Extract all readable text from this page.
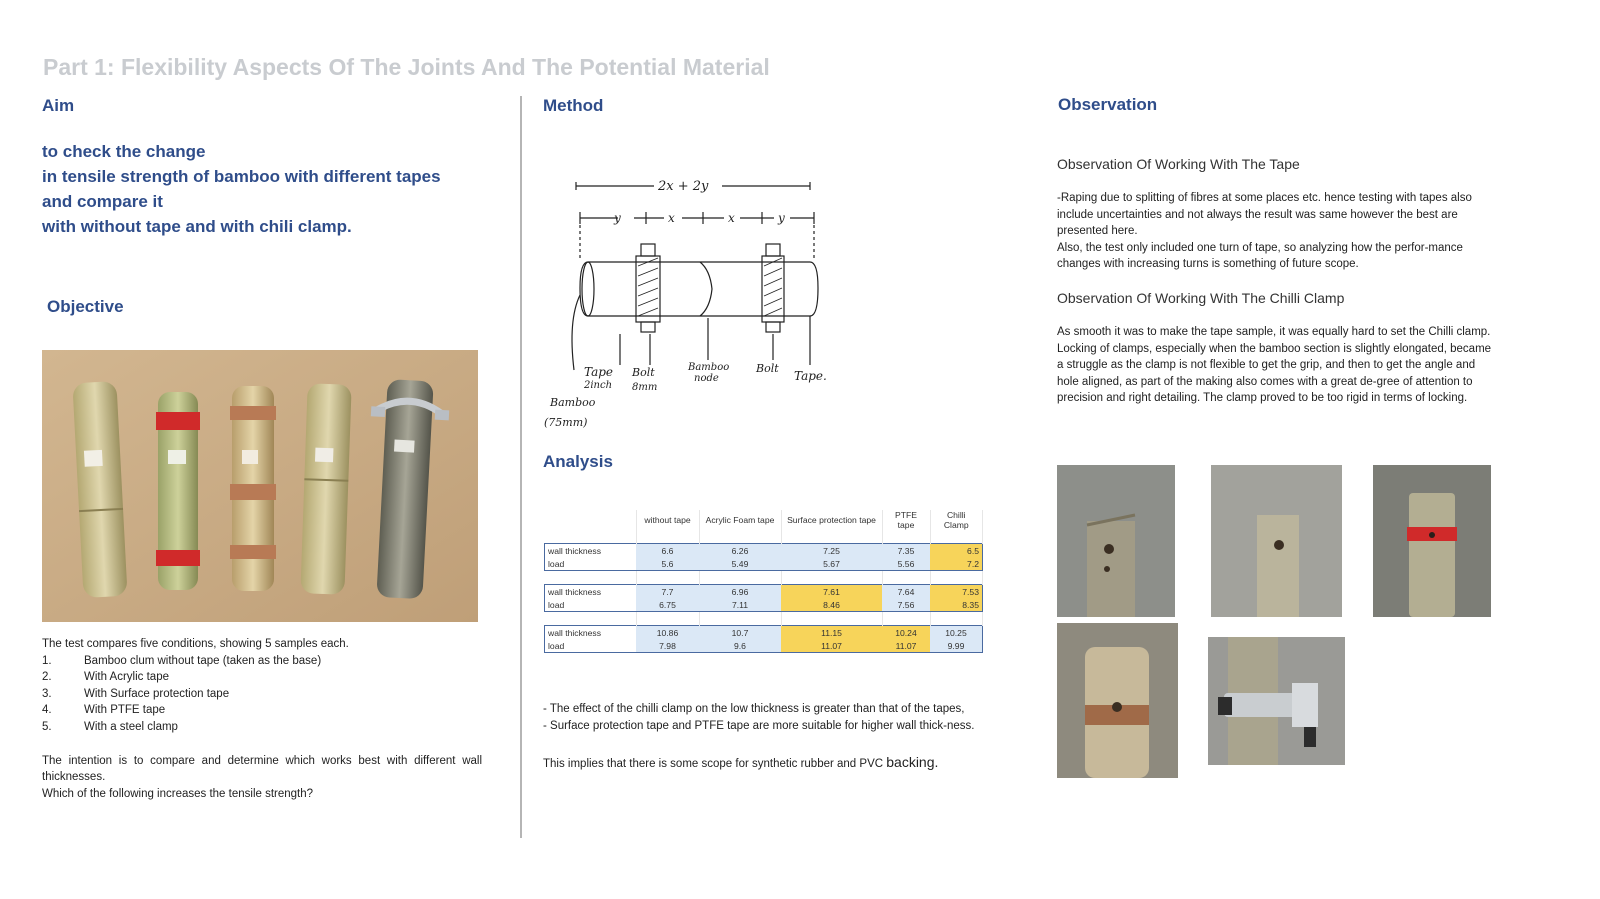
Part 1: Flexibility Aspects Of The Joints And The Potential Material
Aim
to check the change
in tensile strength of bamboo with different tapes
and compare it
with without tape and with chili clamp.
Objective
The test compares five conditions, showing 5 samples each.
1.	Bamboo clum without tape (taken as the base)
2.	With Acrylic tape
3.	With Surface protection tape
4.	With PTFE tape
5.	With a steel clamp
The intention is to compare and determine which works best with different wall thicknesses.
Which of the following increases the tensile strength?
Method
2x + 2y
y	x	x	y
Tape
2inch
Bolt
8mm
Bamboo
node
Bolt
Tape.
Bamboo
(75mm)
Analysis
	without tape	Acrylic Foam tape	Surface protection tape	PTFE tape	Chilli Clamp

wall thickness	6.6	6.26	7.25	7.35	6.5
load	5.6	5.49	5.67	5.56	7.2

wall thickness	7.7	6.96	7.61	7.64	7.53
load	6.75	7.11	8.46	7.56	8.35

wall thickness	10.86	10.7	11.15	10.24	10.25
load	7.98	9.6	11.07	11.07	9.99
- The effect of the chilli clamp on the low thickness is greater than that of the tapes,
- Surface protection tape and PTFE tape are more suitable for higher wall thick-ness.
This implies that there is some scope for synthetic rubber and PVC backing.
Observation
Observation Of Working With The Tape
-Raping due to splitting of fibres at some places etc. hence testing with tapes also include uncertainties and not always the result was same however the best are presented here.
Also, the test only included one turn of tape, so analyzing how the perfor-mance changes with increasing turns is something of future scope.
Observation Of Working With The Chilli Clamp
As smooth it was to make the tape sample, it was equally hard to set the Chilli clamp.
Locking of clamps, especially when the bamboo section is slightly elongated, became a struggle as the clamp is not flexible to get the grip, and then to get the angle and hole aligned, as part of the making also comes with a great de-gree of attention to precision and right detailing. The clamp proved to be too rigid in terms of locking.
